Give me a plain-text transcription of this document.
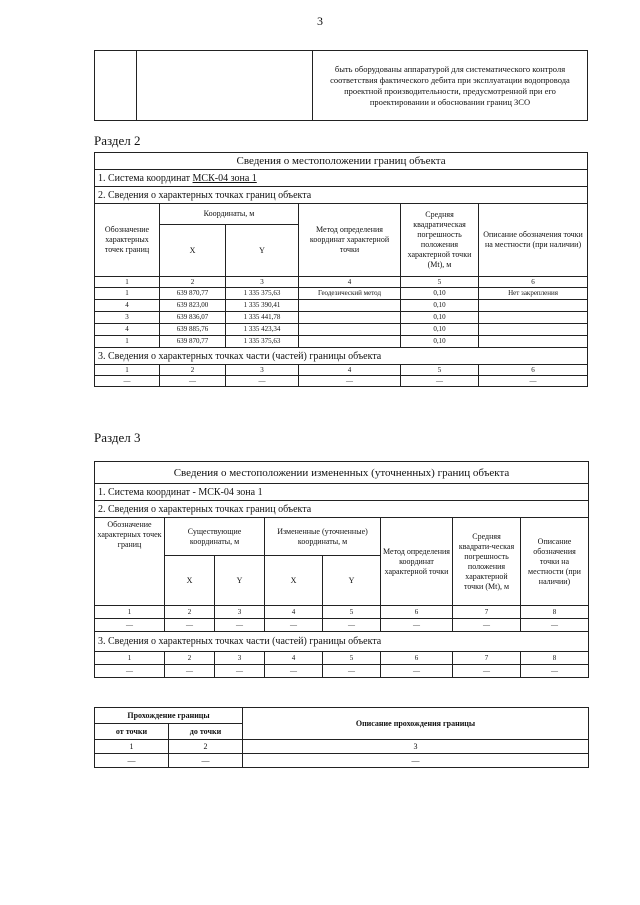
3
		быть оборудованы аппаратурой для систематического контроля соответствия фактического дебита при эксплуатации водопровода проектной производительности, предусмотренной при его проектировании и обосновании границ ЗСО
Раздел 2
Сведения о местоположении границ объекта					
1. Система координат МСК-04 зона 1					
2. Сведения о характерных точках границ объекта					
Обозначение характерных точек границ	Координаты, м		Метод определения координат характерной точки	Средняя квадратическая погрешность положения характерной точки (Mt), м	Описание обозначения точки на местности (при наличии)
	X	Y			
1	2	3	4	5	6
1	639 870,77	1 335 375,63	Геодезический метод	0,10	Нет закрепления
4	639 823,00	1 335 390,41		0,10	
3	639 836,07	1 335 441,78		0,10	
4	639 885,76	1 335 423,34		0,10	
1	639 870,77	1 335 375,63		0,10	
3. Сведения о характерных точках части (частей) границы объекта					
1	2	3	4	5	6
—	—	—	—	—	—
Раздел 3
Сведения о местоположении измененных (уточненных) границ объекта							
1. Система координат - МСК-04 зона 1							
2. Сведения о характерных точках границ объекта							
Обозначение характерных точек границ	Существующие координаты, м		Измененные (уточненные) координаты, м		Метод определения координат характерной точки	Средняя квадрати-ческая погрешность положения характерной точки (Mt), м	Описание обозначения точки на местности (при наличии)
	X	Y	X	Y			
1	2	3	4	5	6	7	8
—	—	—	—	—	—	—	—
3. Сведения о характерных точках части (частей) границы объекта							
1	2	3	4	5	6	7	8
—	—	—	—	—	—	—	—
Прохождение границы		Описание прохождения границы
от точки	до точки	
1	2	3
—	—	—
